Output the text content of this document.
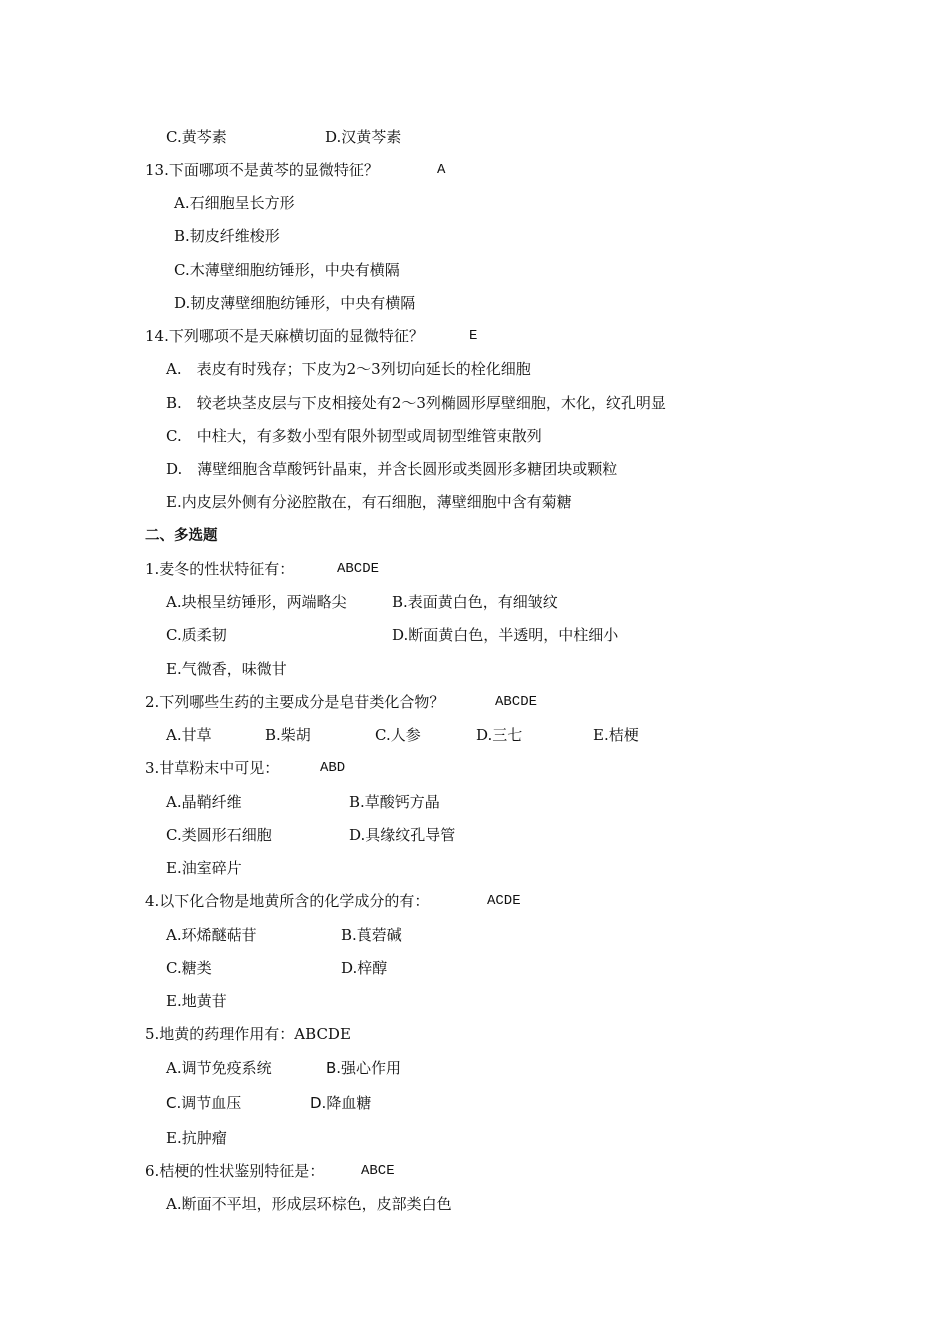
C.黄芩素	D.汉黄芩素
13.下面哪项不是黄芩的显微特征？	A
A.石细胞呈长方形
B.韧皮纤维梭形
C.木薄壁细胞纺锤形，中央有横隔
D.韧皮薄壁细胞纺锤形，中央有横隔
14.下列哪项不是天麻横切面的显微特征？	E
A.　表皮有时残存；下皮为2～3列切向延长的栓化细胞
B.　较老块茎皮层与下皮相接处有2～3列椭圆形厚壁细胞，木化，纹孔明显
C.　中柱大，有多数小型有限外韧型或周韧型维管束散列
D.　薄壁细胞含草酸钙针晶束，并含长圆形或类圆形多糖团块或颗粒
E.内皮层外侧有分泌腔散在，有石细胞，薄壁细胞中含有菊糖
二、多选题
1.麦冬的性状特征有：	ABCDE
A.块根呈纺锤形，两端略尖	B.表面黄白色，有细皱纹
C.质柔韧	D.断面黄白色，半透明，中柱细小
E.气微香，味微甘
2.下列哪些生药的主要成分是皂苷类化合物？	ABCDE
A.甘草	B.柴胡	C.人参	D.三七	E.桔梗
3.甘草粉末中可见：	ABD
A.晶鞘纤维	B.草酸钙方晶
C.类圆形石细胞	D.具缘纹孔导管
E.油室碎片
4.以下化合物是地黄所含的化学成分的有：	ACDE
A.环烯醚萜苷	B.莨菪碱
C.糖类	D.梓醇
E.地黄苷
5.地黄的药理作用有：ABCDE
A.调节免疫系统	B.强心作用
C.调节血压	D.降血糖
E.抗肿瘤
6.桔梗的性状鉴别特征是：	ABCE
A.断面不平坦，形成层环棕色，皮部类白色
